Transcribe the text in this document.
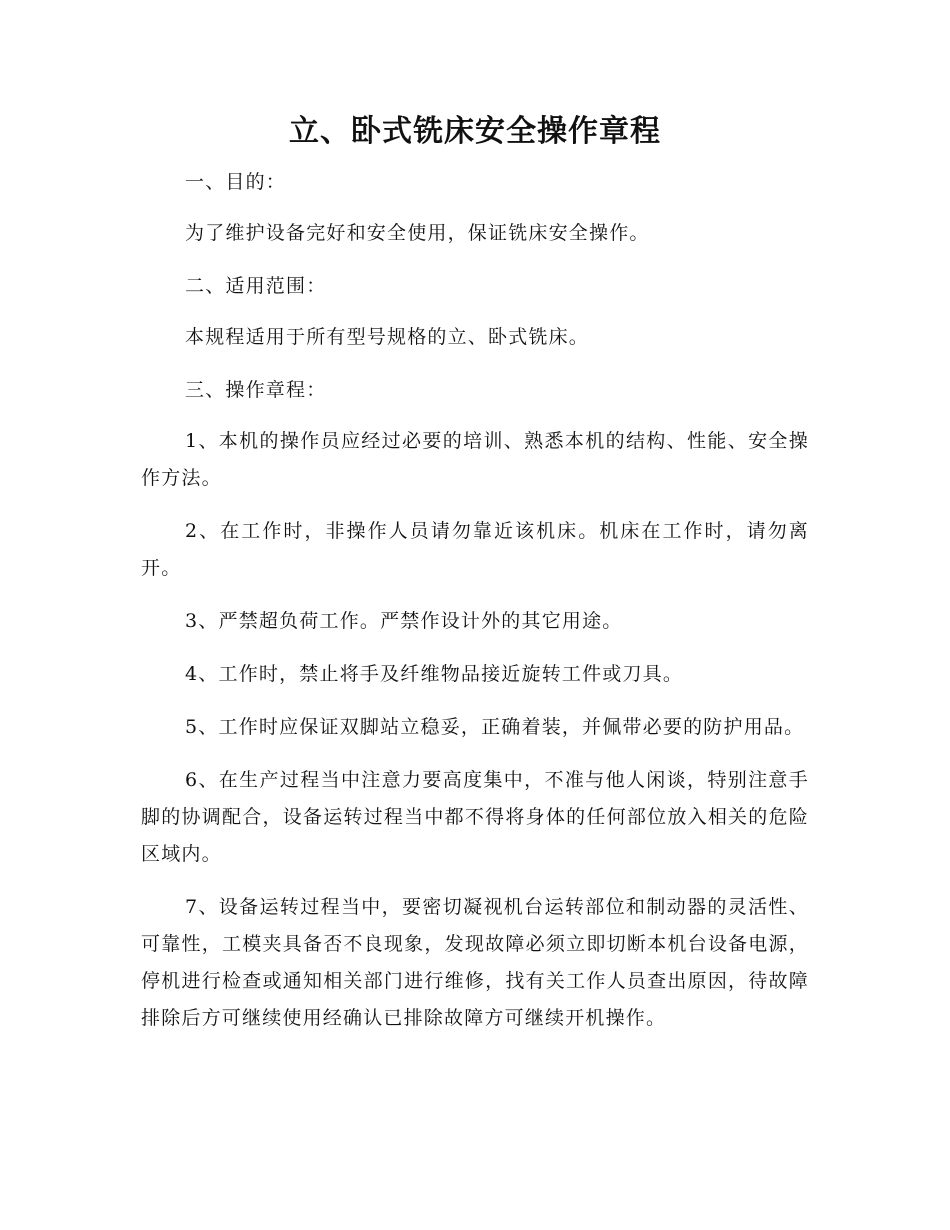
立、卧式铣床安全操作章程

一、目的：

为了维护设备完好和安全使用，保证铣床安全操作。

二、适用范围：

本规程适用于所有型号规格的立、卧式铣床。

三、操作章程：

1、本机的操作员应经过必要的培训、熟悉本机的结构、性能、安全操作方法。

2、在工作时，非操作人员请勿靠近该机床。机床在工作时，请勿离开。

3、严禁超负荷工作。严禁作设计外的其它用途。

4、工作时，禁止将手及纤维物品接近旋转工件或刀具。

5、工作时应保证双脚站立稳妥，正确着装，并佩带必要的防护用品。

6、在生产过程当中注意力要高度集中，不准与他人闲谈，特别注意手脚的协调配合，设备运转过程当中都不得将身体的任何部位放入相关的危险区域内。

7、设备运转过程当中，要密切凝视机台运转部位和制动器的灵活性、可靠性，工模夹具备否不良现象，发现故障必须立即切断本机台设备电源，停机进行检查或通知相关部门进行维修，找有关工作人员查出原因，待故障排除后方可继续使用经确认已排除故障方可继续开机操作。
